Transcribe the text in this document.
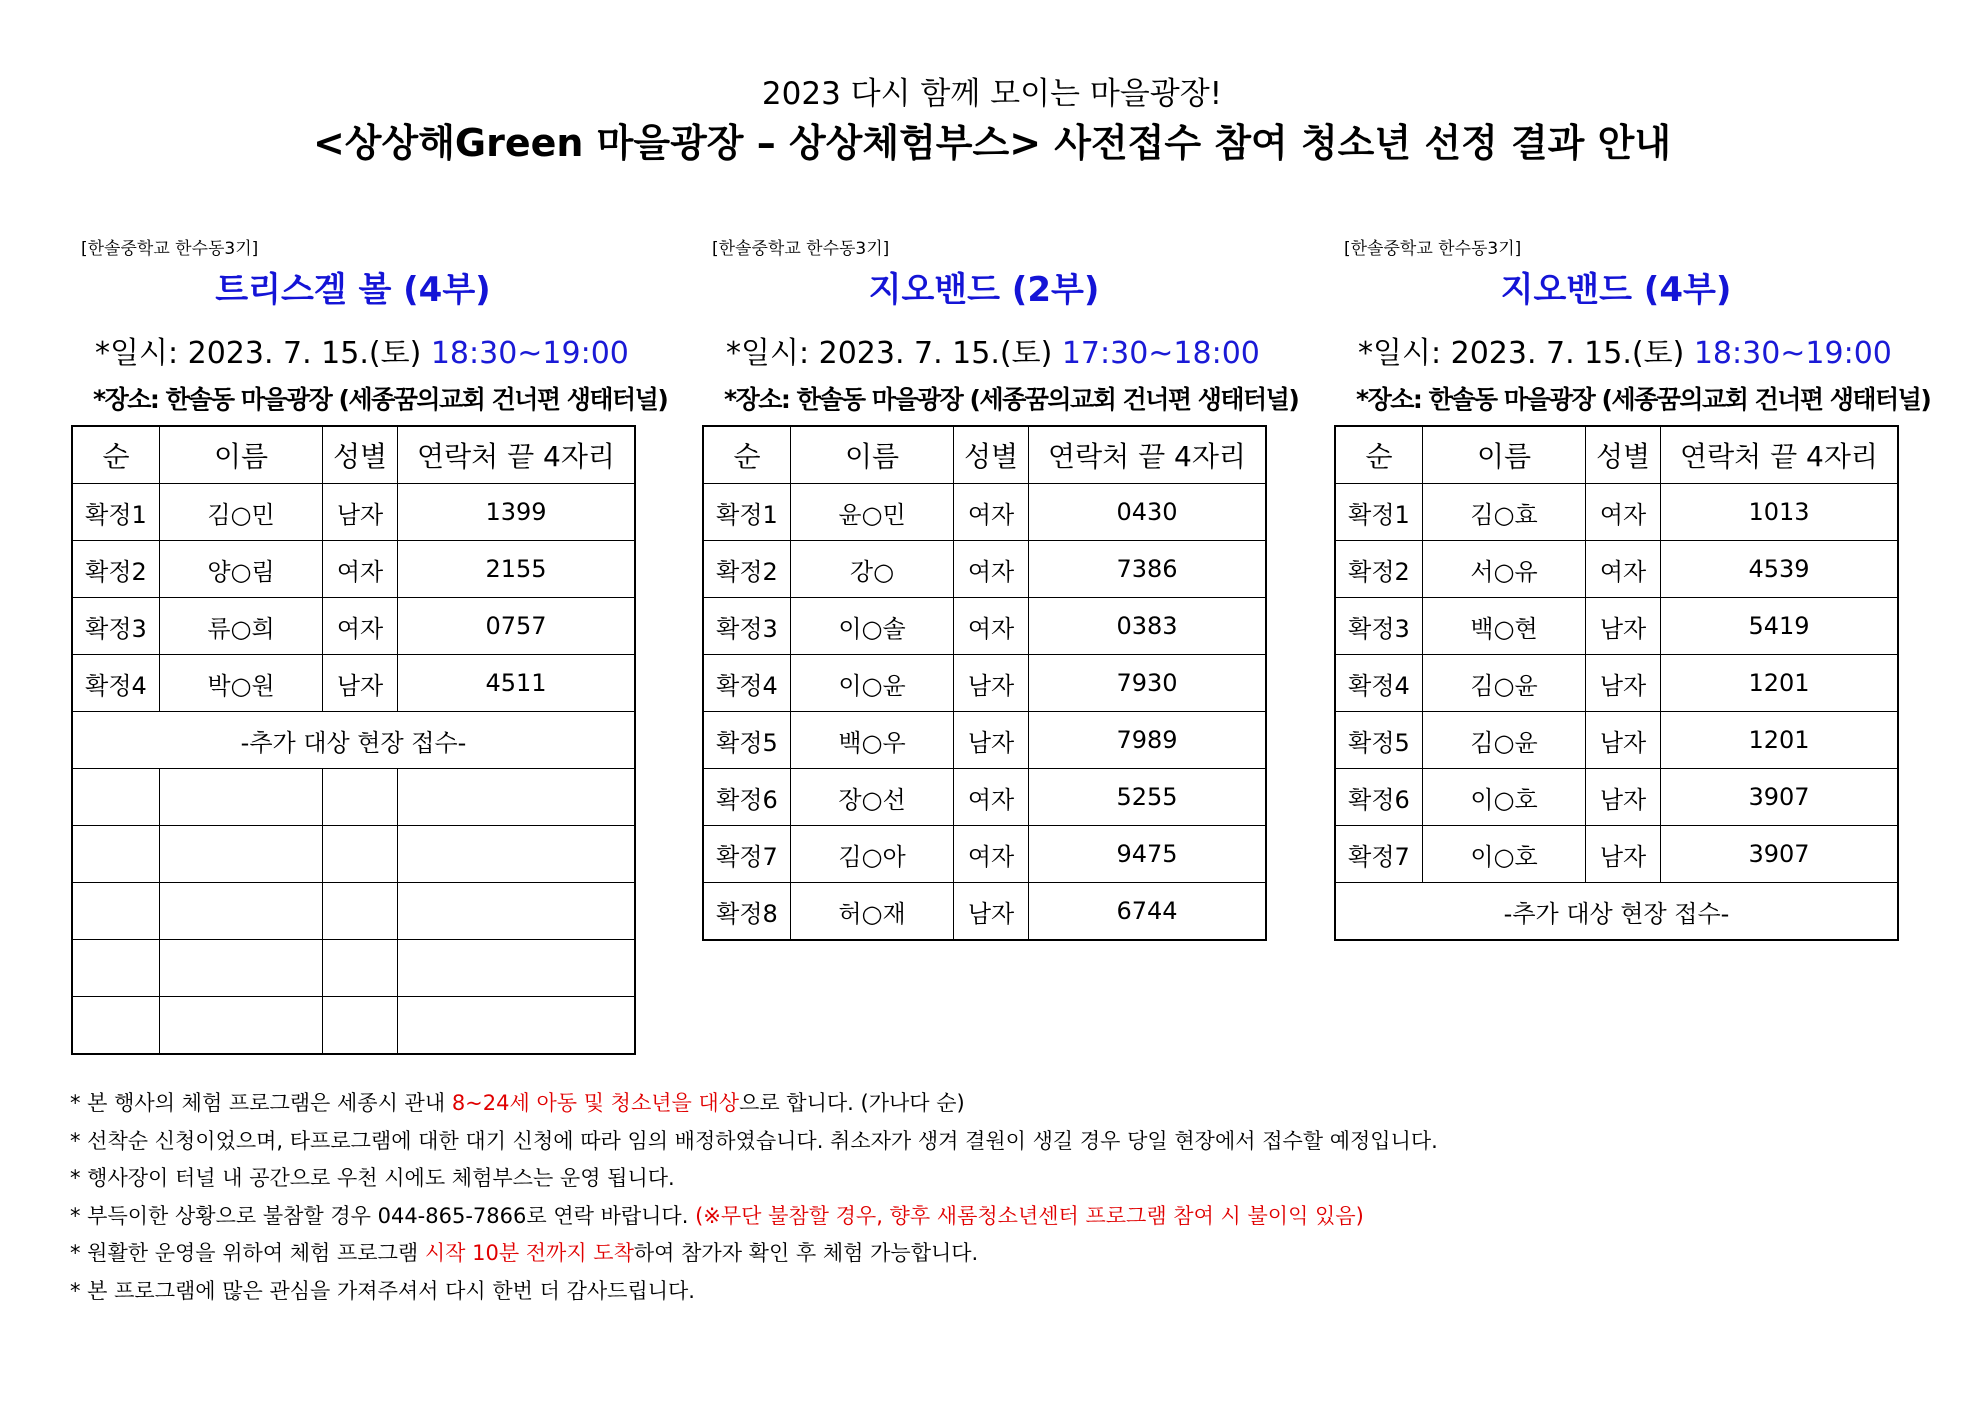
2023 다시 함께 모이는 마을광장!
<상상해Green 마을광장 – 상상체험부스> 사전접수 참여 청소년 선정 결과 안내
[한솔중학교 한수동3기]
트리스겔 볼 (4부)
*일시: 2023. 7. 15.(토) 18:30~19:00
*장소: 한솔동 마을광장 (세종꿈의교회 건너편 생태터널)
순	이름	성별	연락처 끝 4자리
확정1	김○민	남자	1399
확정2	양○림	여자	2155
확정3	류○희	여자	0757
확정4	박○원	남자	4511
-추가 대상 현장 접수-			

[한솔중학교 한수동3기]
지오밴드 (2부)
*일시: 2023. 7. 15.(토) 17:30~18:00
*장소: 한솔동 마을광장 (세종꿈의교회 건너편 생태터널)
순	이름	성별	연락처 끝 4자리
확정1	윤○민	여자	0430
확정2	강○	여자	7386
확정3	이○솔	여자	0383
확정4	이○윤	남자	7930
확정5	백○우	남자	7989
확정6	장○선	여자	5255
확정7	김○아	여자	9475
확정8	허○재	남자	6744
[한솔중학교 한수동3기]
지오밴드 (4부)
*일시: 2023. 7. 15.(토) 18:30~19:00
*장소: 한솔동 마을광장 (세종꿈의교회 건너편 생태터널)
순	이름	성별	연락처 끝 4자리
확정1	김○효	여자	1013
확정2	서○유	여자	4539
확정3	백○현	남자	5419
확정4	김○윤	남자	1201
확정5	김○윤	남자	1201
확정6	이○호	남자	3907
확정7	이○호	남자	3907
-추가 대상 현장 접수-			
* 본 행사의 체험 프로그램은 세종시 관내 8~24세 아동 및 청소년을 대상으로 합니다. (가나다 순)
* 선착순 신청이었으며, 타프로그램에 대한 대기 신청에 따라 임의 배정하였습니다. 취소자가 생겨 결원이 생길 경우 당일 현장에서 접수할 예정입니다.
* 행사장이 터널 내 공간으로 우천 시에도 체험부스는 운영 됩니다.
* 부득이한 상황으로 불참할 경우 044-865-7866로 연락 바랍니다. (※무단 불참할 경우, 향후 새롬청소년센터 프로그램 참여 시 불이익 있음)
* 원활한 운영을 위하여 체험 프로그램 시작 10분 전까지 도착하여 참가자 확인 후 체험 가능합니다.
* 본 프로그램에 많은 관심을 가져주셔서 다시 한번 더 감사드립니다.
